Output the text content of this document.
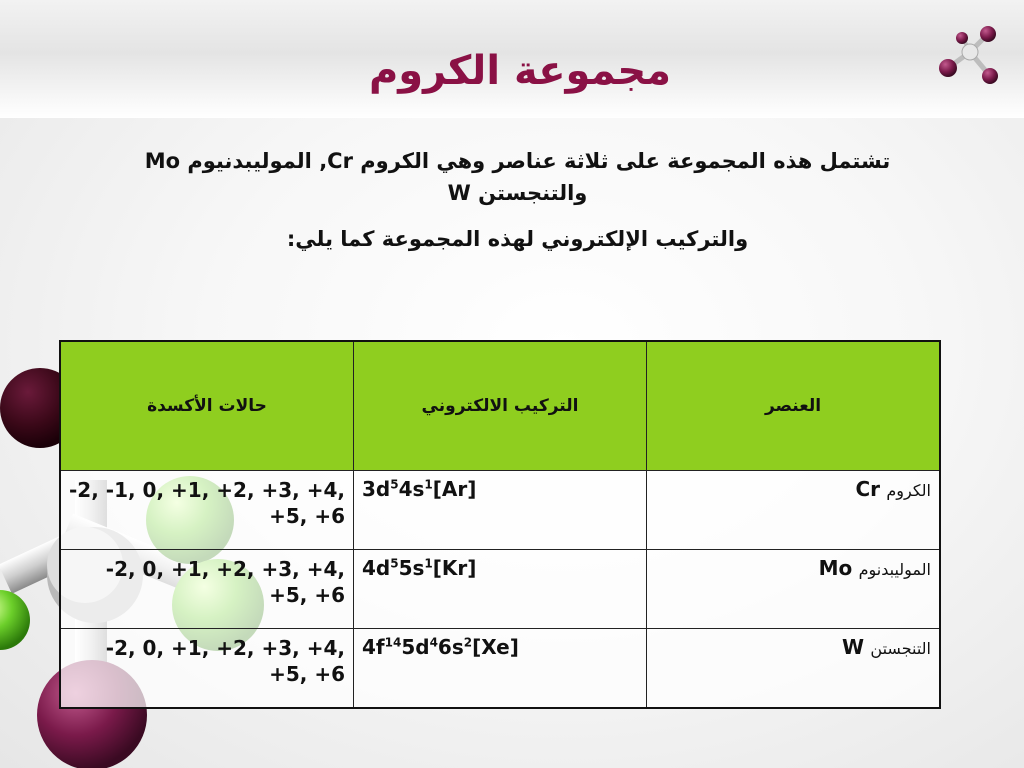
مجموعة الكروم

تشتمل هذه المجموعة على ثلاثة عناصر وهي الكروم Cr, الموليبدنيوم Mo والتنجستن W

والتركيب الإلكتروني لهذه المجموعة كما يلي:

العنصر	التركيب الالكتروني	حالات الأكسدة
الكروم Cr	$[Ar]3d^54s^1$	-2, -1, 0, +1, +2, +3, +4, +5, +6
الموليبدنوم Mo	$[Kr]4d^55s^1$	-2, 0, +1, +2, +3, +4, +5, +6
التنجستن W	$[Xe]4f^{14}5d^46s^2$	-2, 0, +1, +2, +3, +4, +5, +6
